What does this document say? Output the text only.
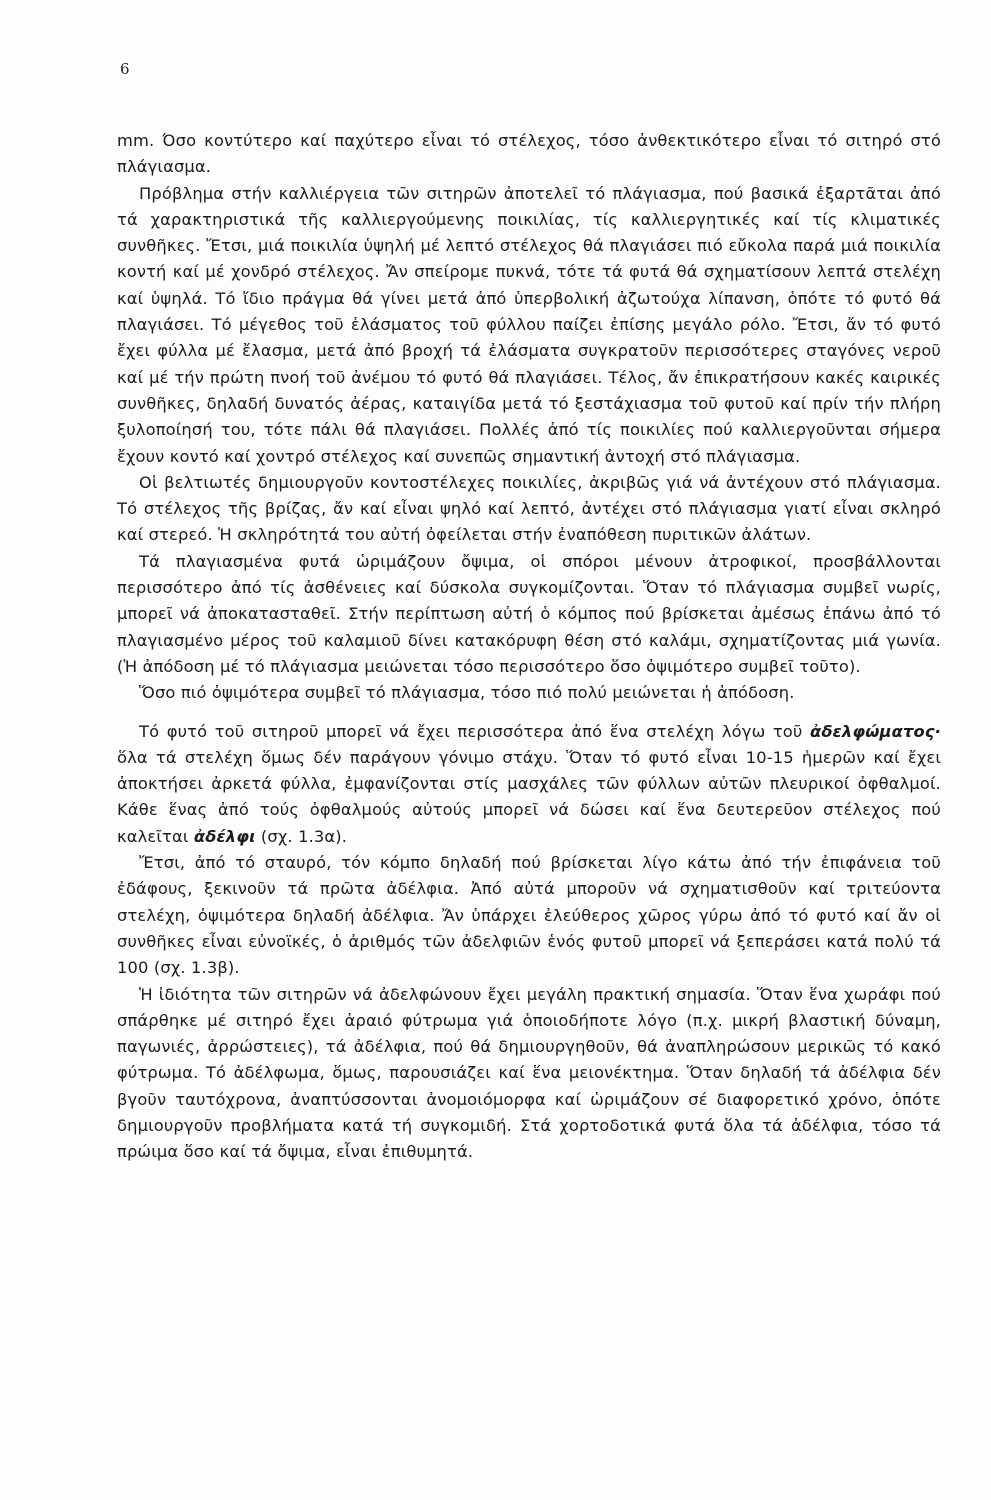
6

mm. Όσο κοντύτερο καί παχύτερο εἶναι τό στέλεχος, τόσο ἀνθεκτικότερο εἶναι τό σιτηρό στό πλάγιασμα.

Πρόβλημα στήν καλλιέργεια τῶν σιτηρῶν ἀποτελεῖ τό πλάγιασμα, πού βασικά ἐξαρτᾶται ἀπό τά χαρακτηριστικά τῆς καλλιεργούμενης ποικιλίας, τίς καλλιεργητικές καί τίς κλιματικές συνθῆκες. Ἔτσι, μιά ποικιλία ὑψηλή μέ λεπτό στέλεχος θά πλαγιάσει πιό εὔκολα παρά μιά ποικιλία κοντή καί μέ χονδρό στέλεχος. Ἄν σπείρομε πυκνά, τότε τά φυτά θά σχηματίσουν λεπτά στελέχη καί ὑψηλά. Τό ἴδιο πράγμα θά γίνει μετά ἀπό ὑπερβολική ἀζωτούχα λίπανση, ὁπότε τό φυτό θά πλαγιάσει. Τό μέγεθος τοῦ ἐλάσματος τοῦ φύλλου παίζει ἐπίσης μεγάλο ρόλο. Ἔτσι, ἄν τό φυτό ἔχει φύλλα μέ ἔλασμα, μετά ἀπό βροχή τά ἐλάσματα συγκρατοῦν περισσότερες σταγόνες νεροῦ καί μέ τήν πρώτη πνοή τοῦ ἀνέμου τό φυτό θά πλαγιάσει. Τέλος, ἄν ἐπικρατήσουν κακές καιρικές συνθῆκες, δηλαδή δυνατός ἀέρας, καταιγίδα μετά τό ξεστάχιασμα τοῦ φυτοῦ καί πρίν τήν πλήρη ξυλοποίησή του, τότε πάλι θά πλαγιάσει. Πολλές ἀπό τίς ποικιλίες πού καλλιεργοῦνται σήμερα ἔχουν κοντό καί χοντρό στέλεχος καί συνεπῶς σημαντική ἀντοχή στό πλάγιασμα.

Οἱ βελτιωτές δημιουργοῦν κοντοστέλεχες ποικιλίες, ἀκριβῶς γιά νά ἀντέχουν στό πλάγιασμα. Τό στέλεχος τῆς βρίζας, ἄν καί εἶναι ψηλό καί λεπτό, ἀντέχει στό πλάγιασμα γιατί εἶναι σκληρό καί στερεό. Ἡ σκληρότητά του αὐτή ὀφείλεται στήν ἐναπόθεση πυριτικῶν ἀλάτων.

Τά πλαγιασμένα φυτά ὡριμάζουν ὄψιμα, οἱ σπόροι μένουν ἀτροφικοί, προσβάλλονται περισσότερο ἀπό τίς ἀσθένειες καί δύσκολα συγκομίζονται. Ὅταν τό πλάγιασμα συμβεῖ νωρίς, μπορεῖ νά ἀποκατασταθεῖ. Στήν περίπτωση αὐτή ὁ κόμπος πού βρίσκεται ἀμέσως ἐπάνω ἀπό τό πλαγιασμένο μέρος τοῦ καλαμιοῦ δίνει κατακόρυφη θέση στό καλάμι, σχηματίζοντας μιά γωνία. (Ἡ ἀπόδοση μέ τό πλάγιασμα μειώνεται τόσο περισσότερο ὅσο ὀψιμότερο συμβεῖ τοῦτο).

Ὅσο πιό ὀψιμότερα συμβεῖ τό πλάγιασμα, τόσο πιό πολύ μειώνεται ἡ ἀπόδοση.

Τό φυτό τοῦ σιτηροῦ μπορεῖ νά ἔχει περισσότερα ἀπό ἕνα στελέχη λόγω τοῦ ἀδελφώματος· ὅλα τά στελέχη ὅμως δέν παράγουν γόνιμο στάχυ. Ὅταν τό φυτό εἶναι 10-15 ἡμερῶν καί ἔχει ἀποκτήσει ἀρκετά φύλλα, ἐμφανίζονται στίς μασχάλες τῶν φύλλων αὐτῶν πλευρικοί ὀφθαλμοί. Κάθε ἕνας ἀπό τούς ὀφθαλμούς αὐτούς μπορεῖ νά δώσει καί ἕνα δευτερεῦον στέλεχος πού καλεῖται ἀδέλφι (σχ. 1.3α).

Ἔτσι, ἀπό τό σταυρό, τόν κόμπο δηλαδή πού βρίσκεται λίγο κάτω ἀπό τήν ἐπιφάνεια τοῦ ἐδάφους, ξεκινοῦν τά πρῶτα ἀδέλφια. Ἀπό αὐτά μποροῦν νά σχηματισθοῦν καί τριτεύοντα στελέχη, ὀψιμότερα δηλαδή ἀδέλφια. Ἄν ὑπάρχει ἐλεύθερος χῶρος γύρω ἀπό τό φυτό καί ἄν οἱ συνθῆκες εἶναι εὐνοϊκές, ὁ ἀριθμός τῶν ἀδελφιῶν ἑνός φυτοῦ μπορεῖ νά ξεπεράσει κατά πολύ τά 100 (σχ. 1.3β).

Ἡ ἰδιότητα τῶν σιτηρῶν νά ἀδελφώνουν ἔχει μεγάλη πρακτική σημασία. Ὅταν ἕνα χωράφι πού σπάρθηκε μέ σιτηρό ἔχει ἀραιό φύτρωμα γιά ὁποιοδήποτε λόγο (π.χ. μικρή βλαστική δύναμη, παγωνιές, ἀρρώστειες), τά ἀδέλφια, πού θά δημιουργηθοῦν, θά ἀναπληρώσουν μερικῶς τό κακό φύτρωμα. Τό ἀδέλφωμα, ὅμως, παρουσιάζει καί ἕνα μειονέκτημα. Ὅταν δηλαδή τά ἀδέλφια δέν βγοῦν ταυτόχρονα, ἀναπτύσσονται ἀνομοιόμορφα καί ὡριμάζουν σέ διαφορετικό χρόνο, ὁπότε δημιουργοῦν προβλήματα κατά τή συγκομιδή. Στά χορτοδοτικά φυτά ὅλα τά ἀδέλφια, τόσο τά πρώιμα ὅσο καί τά ὄψιμα, εἶναι ἐπιθυμητά.
